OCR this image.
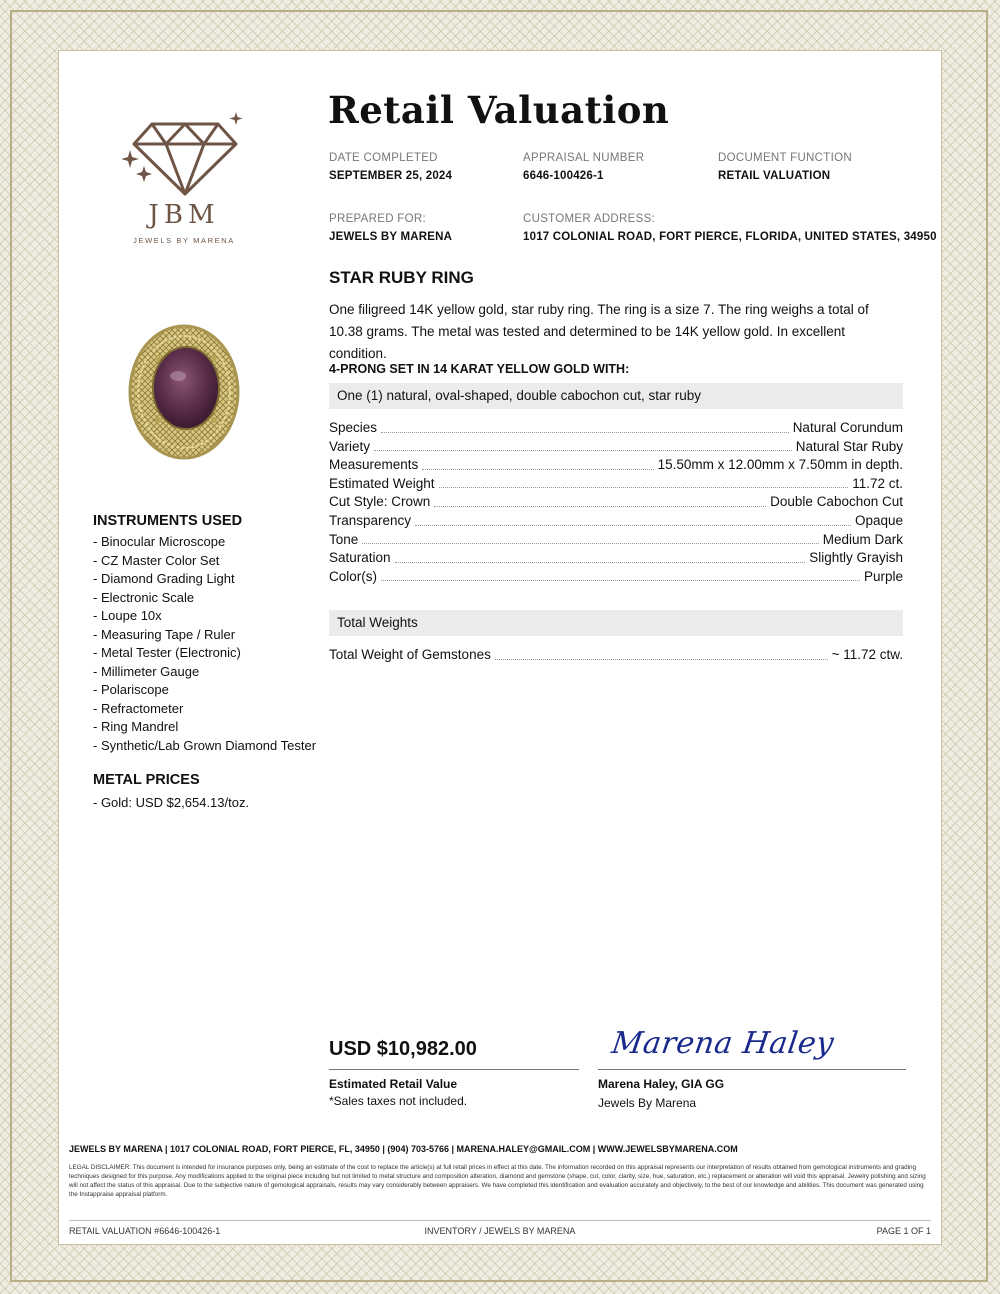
JBM
JEWELS BY MARENA
Retail Valuation
DATE COMPLETED
SEPTEMBER 25, 2024
APPRAISAL NUMBER
6646-100426-1
DOCUMENT FUNCTION
RETAIL VALUATION
PREPARED FOR:
JEWELS BY MARENA
CUSTOMER ADDRESS:
1017 COLONIAL ROAD, FORT PIERCE, FLORIDA, UNITED STATES, 34950
STAR RUBY RING
One filigreed 14K yellow gold, star ruby ring. The ring is a size 7. The ring weighs a total of 10.38 grams. The metal was tested and determined to be 14K yellow gold. In excellent condition.
4-PRONG SET IN 14 KARAT YELLOW GOLD WITH:
One (1) natural, oval-shaped, double cabochon cut, star ruby
Species	Natural Corundum
Variety	Natural Star Ruby
Measurements	15.50mm x 12.00mm x 7.50mm in depth.
Estimated Weight	11.72 ct.
Cut Style: Crown	Double Cabochon Cut
Transparency	Opaque
Tone	Medium Dark
Saturation	Slightly Grayish
Color(s)	Purple
Total Weights
Total Weight of Gemstones	~ 11.72 ctw.
INSTRUMENTS USED
- Binocular Microscope
- CZ Master Color Set
- Diamond Grading Light
- Electronic Scale
- Loupe 10x
- Measuring Tape / Ruler
- Metal Tester (Electronic)
- Millimeter Gauge
- Polariscope
- Refractometer
- Ring Mandrel
- Synthetic/Lab Grown Diamond Tester
METAL PRICES
- Gold: USD $2,654.13/toz.
USD $10,982.00
Estimated Retail Value
*Sales taxes not included.
Marena Haley
Marena Haley, GIA GG
Jewels By Marena
JEWELS BY MARENA | 1017 COLONIAL ROAD, FORT PIERCE, FL, 34950 | (904) 703-5766 | MARENA.HALEY@GMAIL.COM | WWW.JEWELSBYMARENA.COM
LEGAL DISCLAIMER: This document is intended for insurance purposes only, being an estimate of the cost to replace the article(s) at full retail prices in effect at this date. The information recorded on this appraisal represents our interpretation of results obtained from gemological instruments and grading techniques designed for this purpose. Any modifications applied to the original piece including but not limited to metal structure and composition alteration, diamond and gemstone (shape, cut, color, clarity, size, hue, saturation, etc.) replacement or alteration will void this appraisal. Jewelry polishing and sizing will not affect the status of this appraisal. Due to the subjective nature of gemological appraisals, results may vary considerably between appraisers. We have completed this identification and evaluation accurately and objectively, to the best of our knowledge and abilities. This document was generated using the Instappraise appraisal platform.
RETAIL VALUATION #6646-100426-1	INVENTORY / JEWELS BY MARENA	PAGE 1 OF 1
